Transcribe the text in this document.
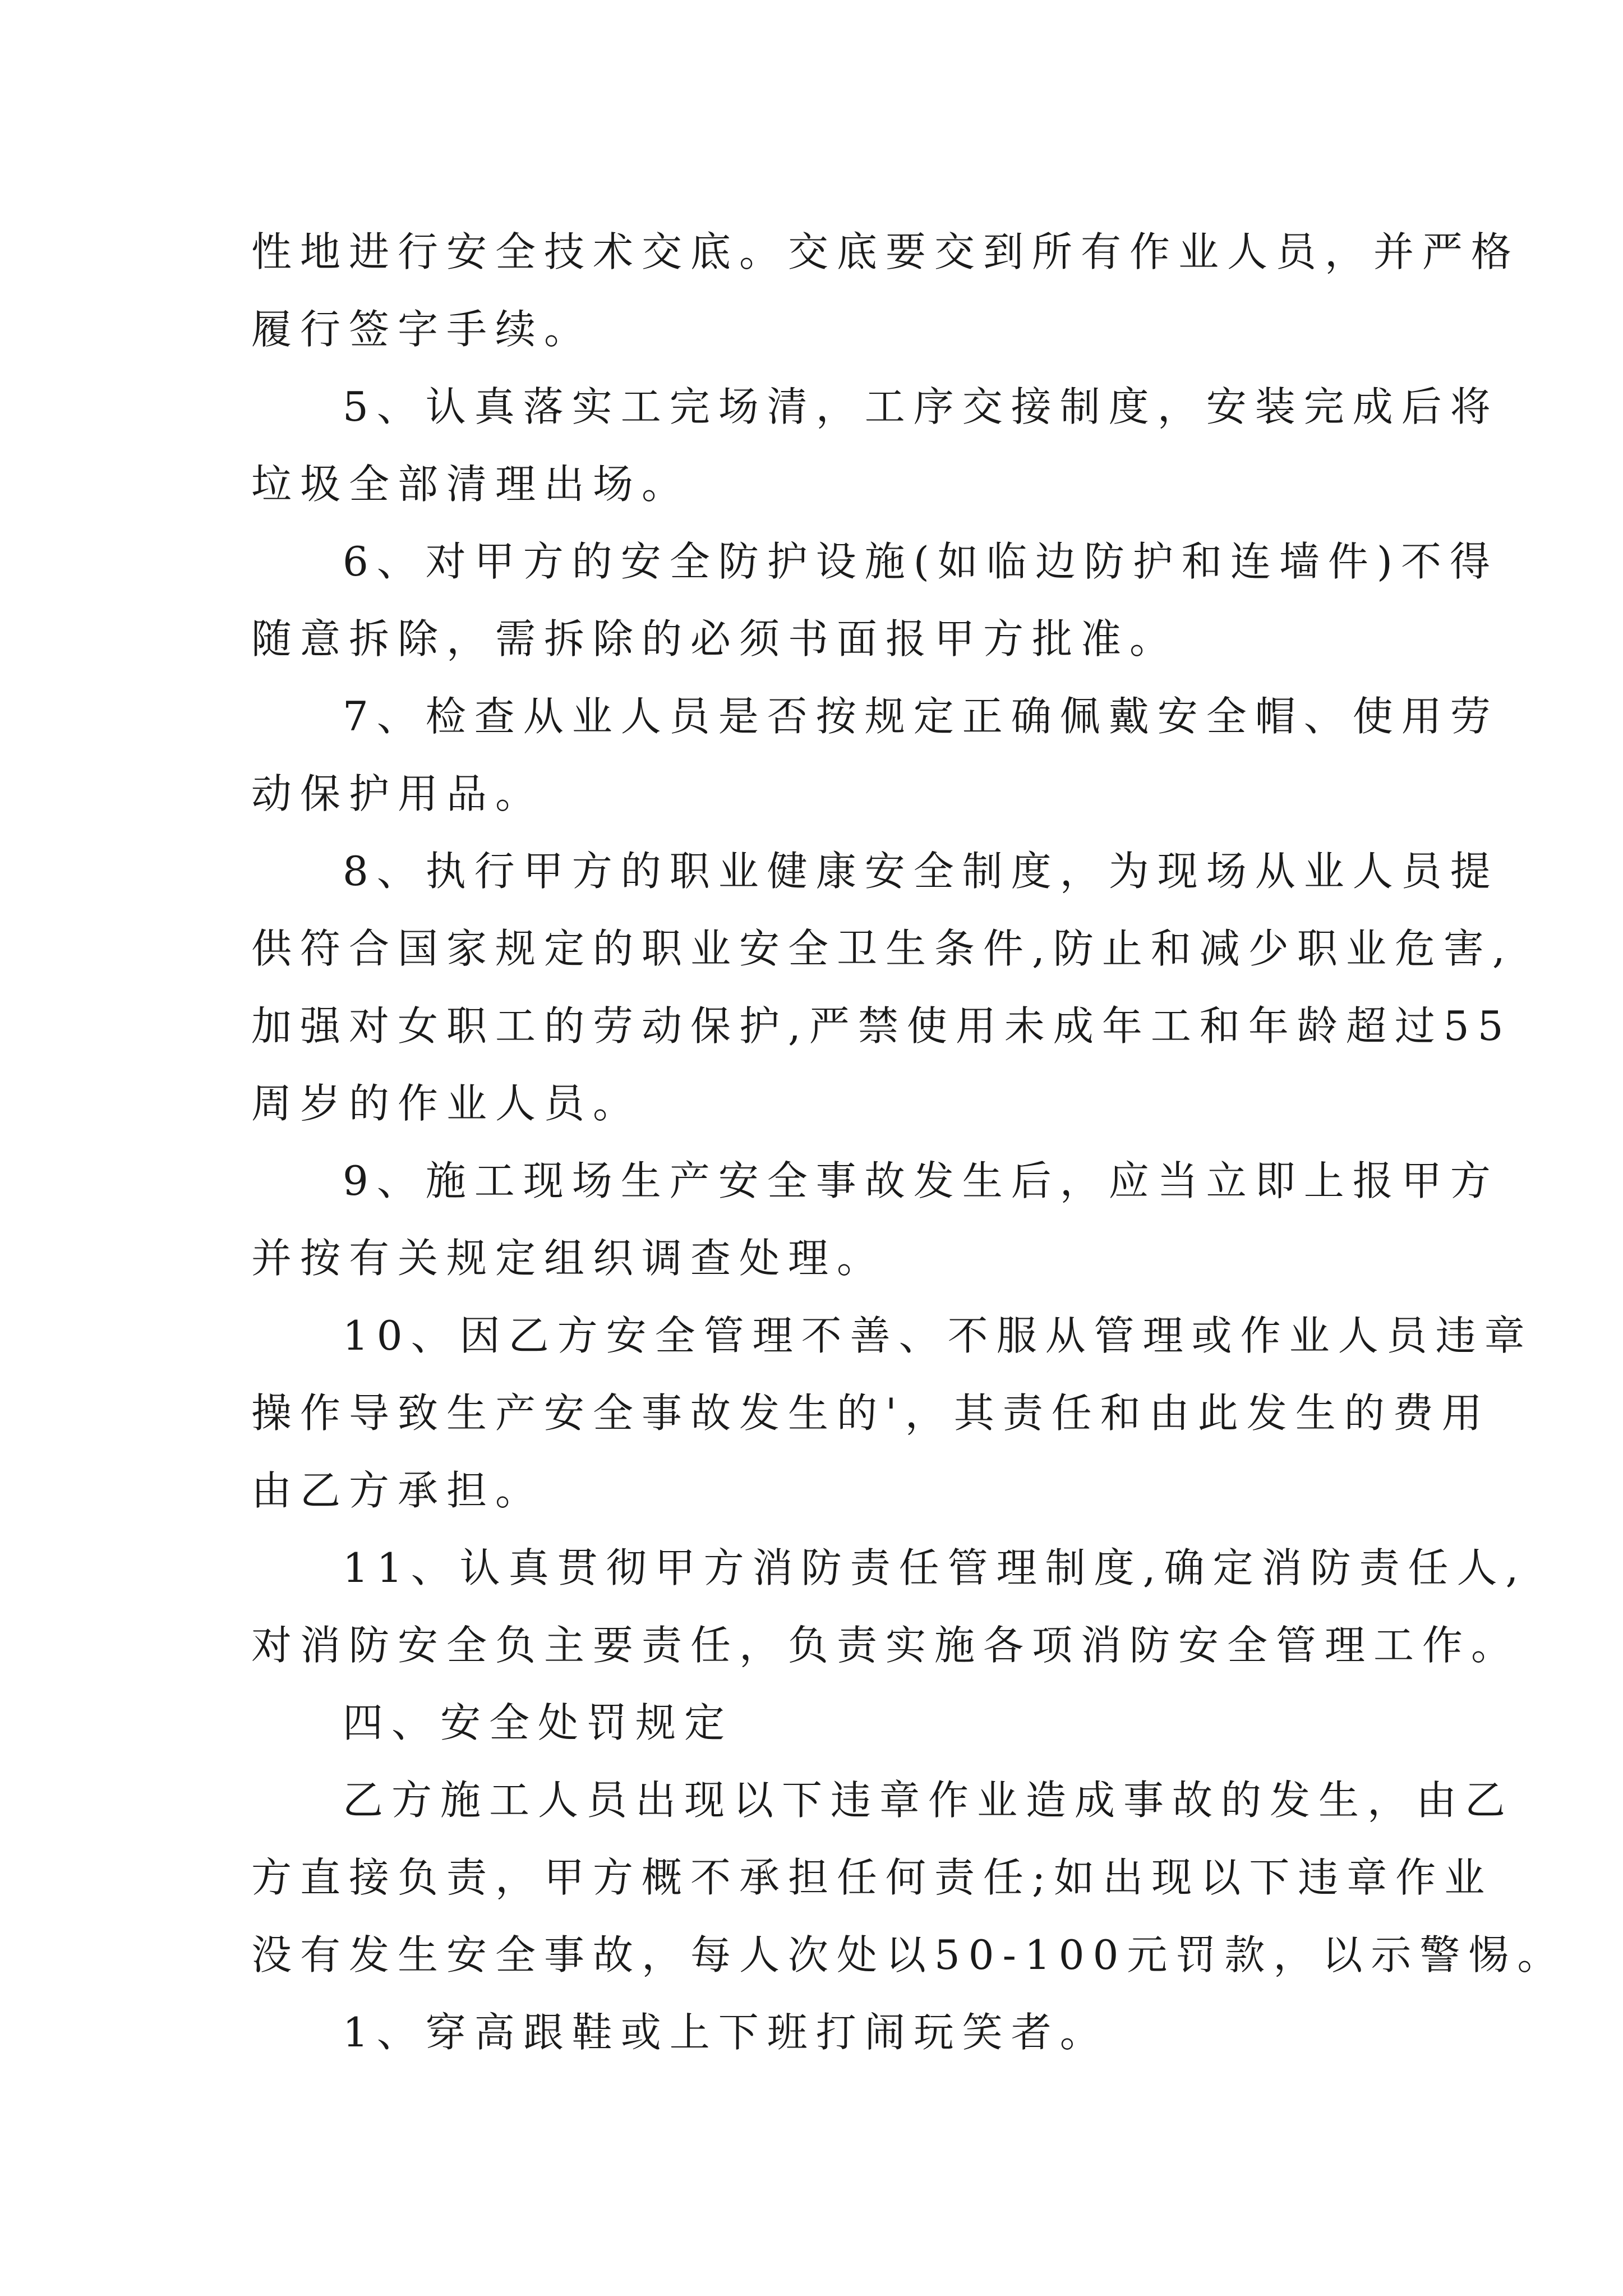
性地进行安全技术交底。交底要交到所有作业人员，并严格
履行签字手续。

5、认真落实工完场清，工序交接制度，安装完成后将
垃圾全部清理出场。

6、对甲方的安全防护设施(如临边防护和连墙件)不得
随意拆除，需拆除的必须书面报甲方批准。

7、检查从业人员是否按规定正确佩戴安全帽、使用劳
动保护用品。

8、执行甲方的职业健康安全制度，为现场从业人员提
供符合国家规定的职业安全卫生条件,防止和减少职业危害,
加强对女职工的劳动保护,严禁使用未成年工和年龄超过55
周岁的作业人员。

9、施工现场生产安全事故发生后，应当立即上报甲方
并按有关规定组织调查处理。

10、因乙方安全管理不善、不服从管理或作业人员违章
操作导致生产安全事故发生的'，其责任和由此发生的费用
由乙方承担。

11、认真贯彻甲方消防责任管理制度,确定消防责任人,
对消防安全负主要责任，负责实施各项消防安全管理工作。

四、安全处罚规定

乙方施工人员出现以下违章作业造成事故的发生，由乙
方直接负责，甲方概不承担任何责任;如出现以下违章作业
没有发生安全事故，每人次处以50-100元罚款，以示警惕。

1、穿高跟鞋或上下班打闹玩笑者。
